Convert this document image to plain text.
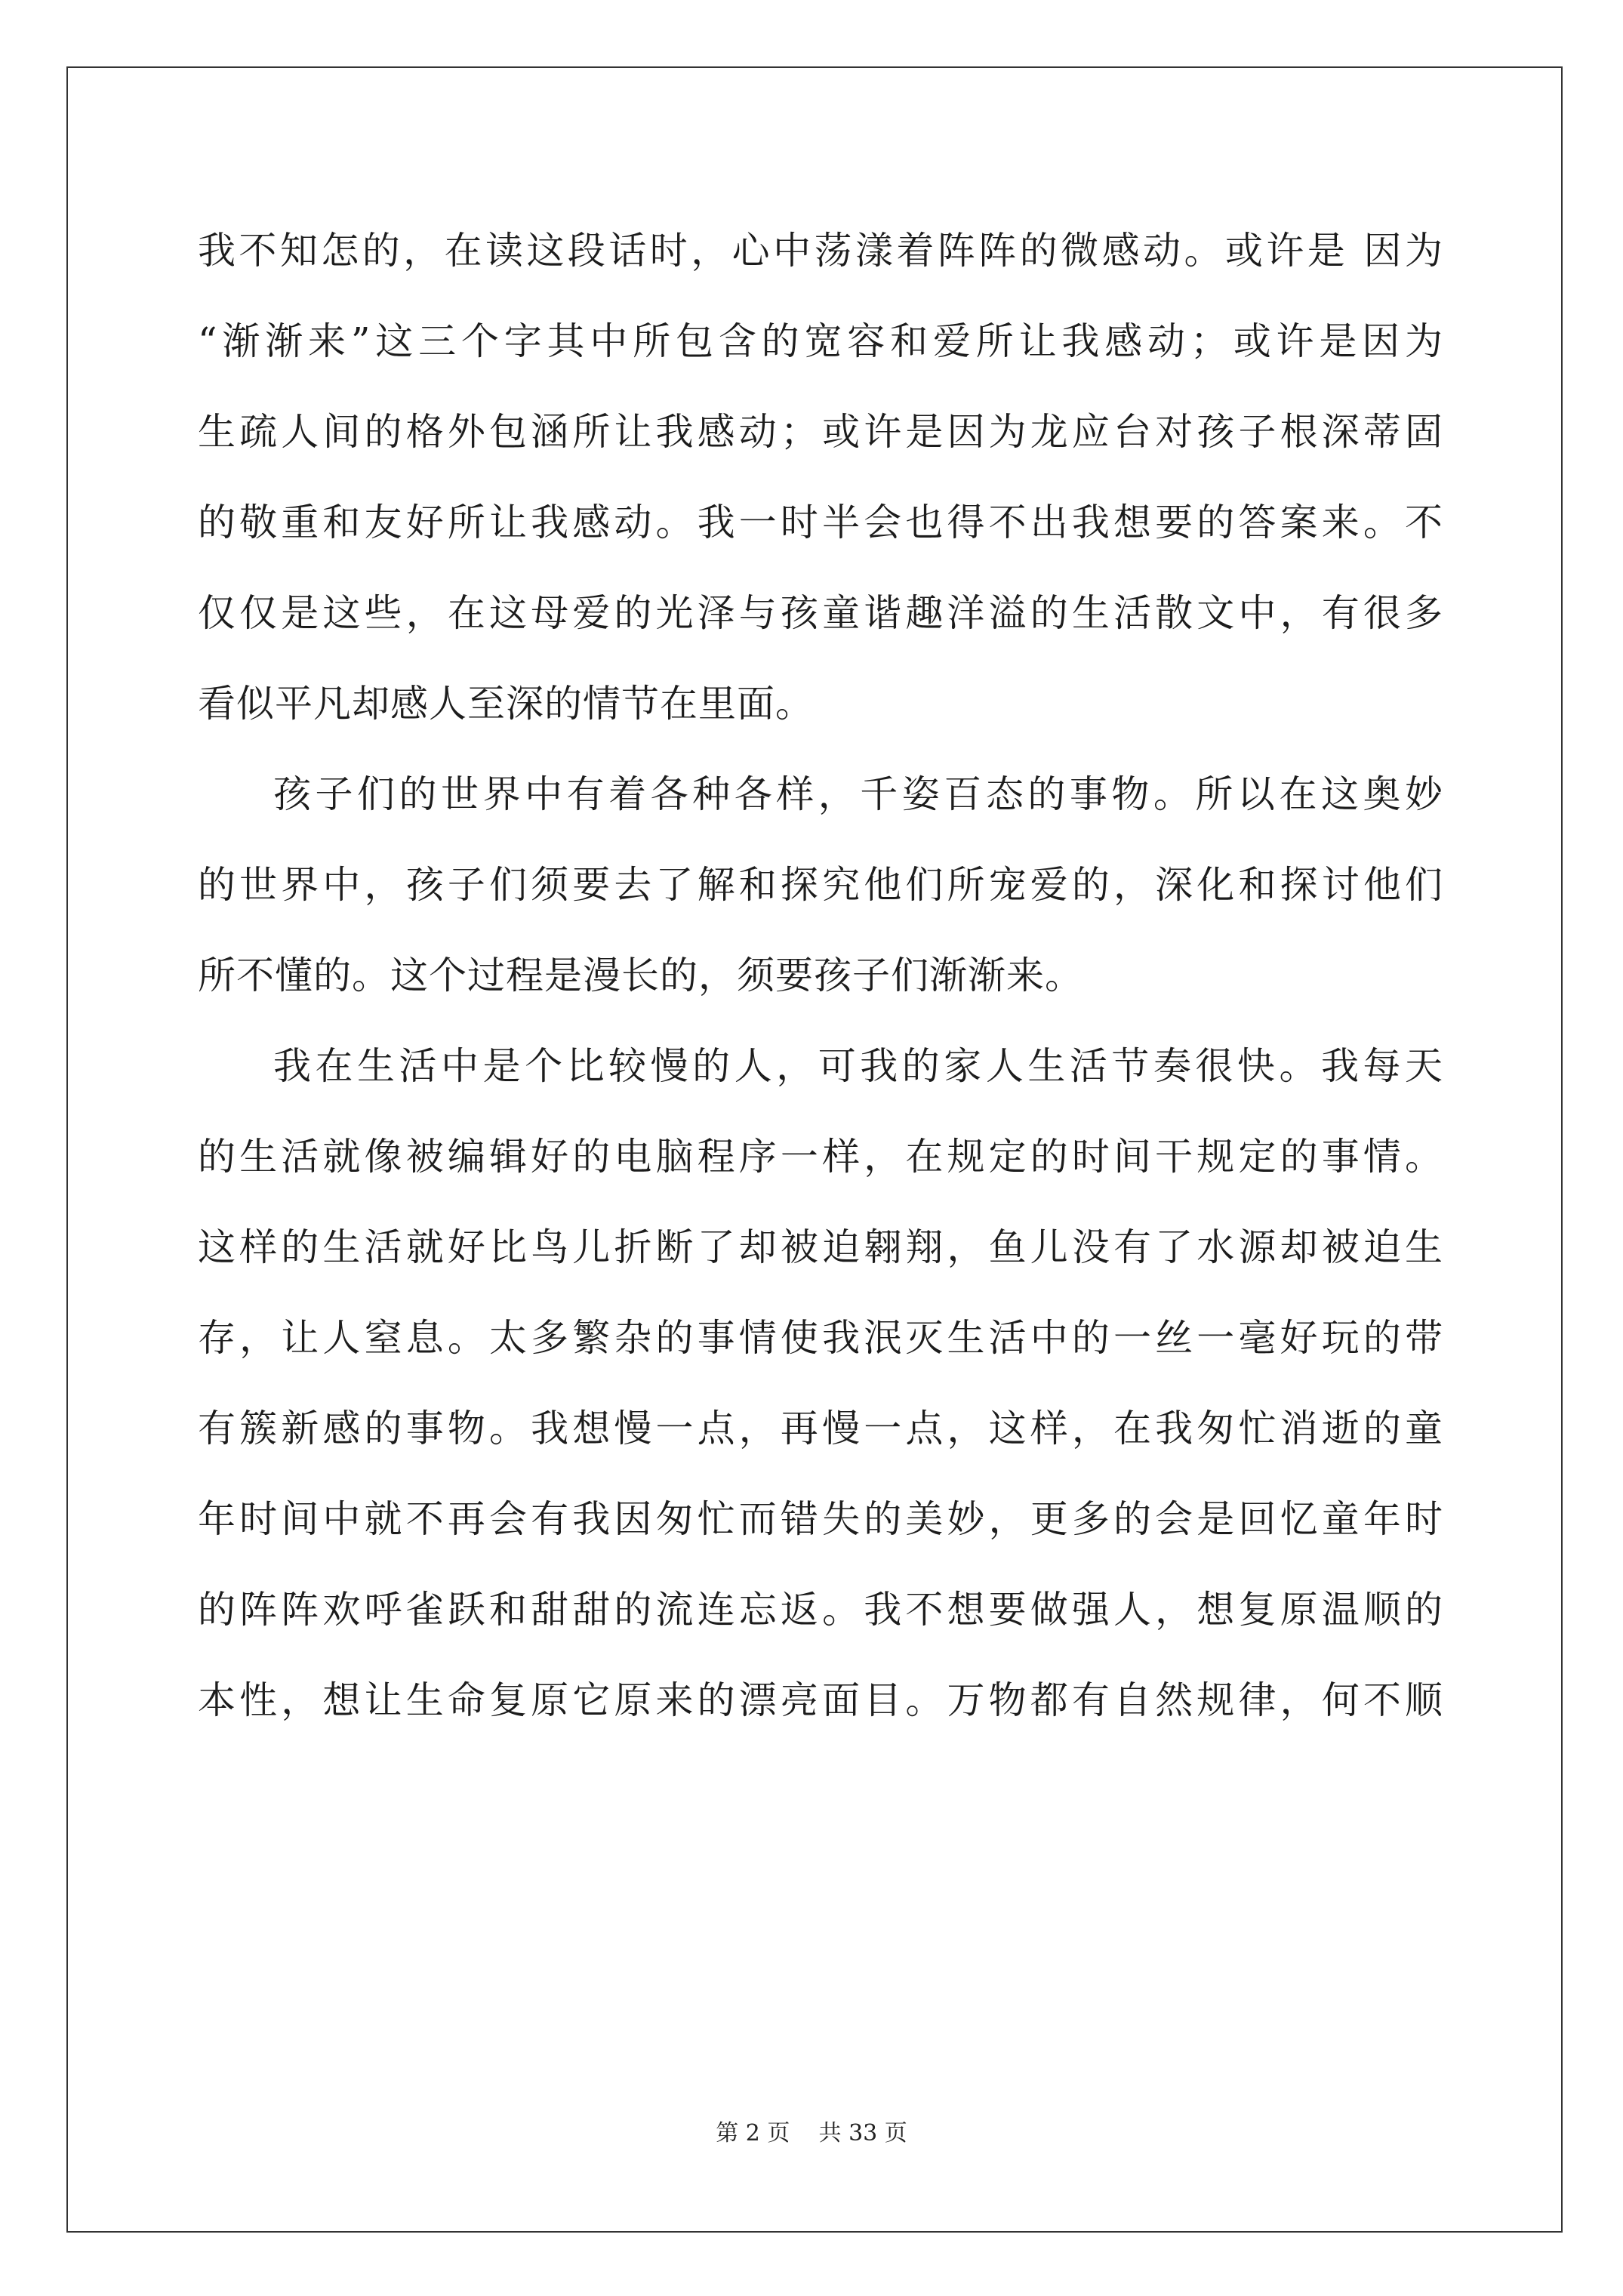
我不知怎的，在读这段话时，心中荡漾着阵阵的微感动。或许是 因为
“渐渐来”这三个字其中所包含的宽容和爱所让我感动；或许是因为
生疏人间的格外包涵所让我感动；或许是因为龙应台对孩子根深蒂固
的敬重和友好所让我感动。我一时半会也得不出我想要的答案来。不
仅仅是这些，在这母爱的光泽与孩童谐趣洋溢的生活散文中，有很多
看似平凡却感人至深的情节在里面。
孩子们的世界中有着各种各样，千姿百态的事物。所以在这奥妙
的世界中，孩子们须要去了解和探究他们所宠爱的，深化和探讨他们
所不懂的。这个过程是漫长的，须要孩子们渐渐来。
我在生活中是个比较慢的人，可我的家人生活节奏很快。我每天
的生活就像被编辑好的电脑程序一样，在规定的时间干规定的事情。
这样的生活就好比鸟儿折断了却被迫翱翔，鱼儿没有了水源却被迫生
存，让人窒息。太多繁杂的事情使我泯灭生活中的一丝一毫好玩的带
有簇新感的事物。我想慢一点，再慢一点，这样，在我匆忙消逝的童
年时间中就不再会有我因匆忙而错失的美妙，更多的会是回忆童年时
的阵阵欢呼雀跃和甜甜的流连忘返。我不想要做强人，想复原温顺的
本性，想让生命复原它原来的漂亮面目。万物都有自然规律，何不顺
第 2 页 共 33 页
